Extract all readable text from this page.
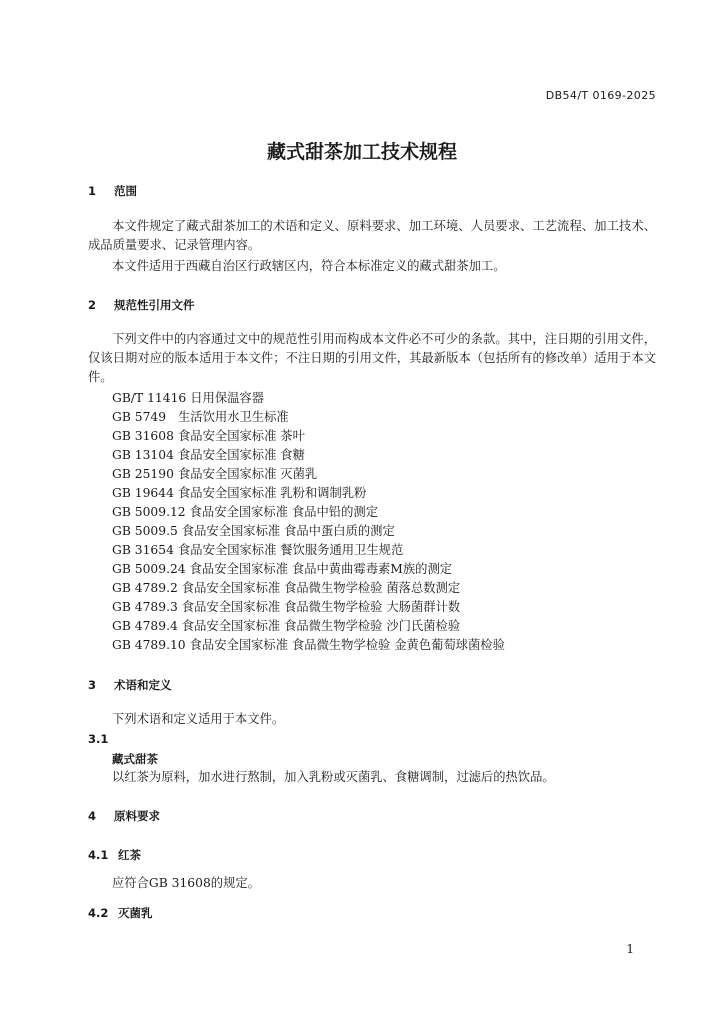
DB54/T 0169-2025
藏式甜茶加工技术规程
1 范围
本文件规定了藏式甜茶加工的术语和定义、原料要求、加工环境、人员要求、工艺流程、加工技术、成品质量要求、记录管理内容。
本文件适用于西藏自治区行政辖区内，符合本标准定义的藏式甜茶加工。
2 规范性引用文件
下列文件中的内容通过文中的规范性引用而构成本文件必不可少的条款。其中，注日期的引用文件，仅该日期对应的版本适用于本文件；不注日期的引用文件，其最新版本（包括所有的修改单）适用于本文件。
GB/T 11416 日用保温容器
GB 5749 生活饮用水卫生标准
GB 31608 食品安全国家标准 茶叶
GB 13104 食品安全国家标准 食糖
GB 25190 食品安全国家标准 灭菌乳
GB 19644 食品安全国家标准 乳粉和调制乳粉
GB 5009.12 食品安全国家标准 食品中铅的测定
GB 5009.5 食品安全国家标准 食品中蛋白质的测定
GB 31654 食品安全国家标准 餐饮服务通用卫生规范
GB 5009.24 食品安全国家标准 食品中黄曲霉毒素M族的测定
GB 4789.2 食品安全国家标准 食品微生物学检验 菌落总数测定
GB 4789.3 食品安全国家标准 食品微生物学检验 大肠菌群计数
GB 4789.4 食品安全国家标准 食品微生物学检验 沙门氏菌检验
GB 4789.10 食品安全国家标准 食品微生物学检验 金黄色葡萄球菌检验
3 术语和定义
下列术语和定义适用于本文件。
3.1
藏式甜茶
以红茶为原料，加水进行熬制，加入乳粉或灭菌乳、食糖调制，过滤后的热饮品。
4 原料要求
4.1 红茶
应符合GB 31608的规定。
4.2 灭菌乳
1
